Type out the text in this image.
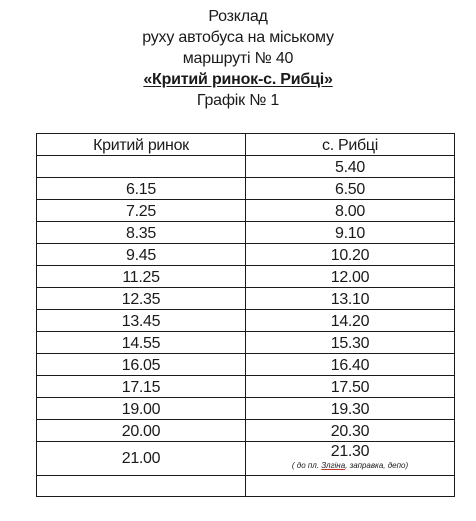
Розклад
руху автобуса на міському
маршруті № 40
«Критий ринок-с. Рибці»
Графік № 1
Критий ринок	с. Рибці
	5.40
6.15	6.50
7.25	8.00
8.35	9.10
9.45	10.20
11.25	12.00
12.35	13.10
13.45	14.20
14.55	15.30
16.05	16.40
17.15	17.50
19.00	19.30
20.00	20.30
21.00	21.30
( до пл. Злгіна, заправка, депо)
